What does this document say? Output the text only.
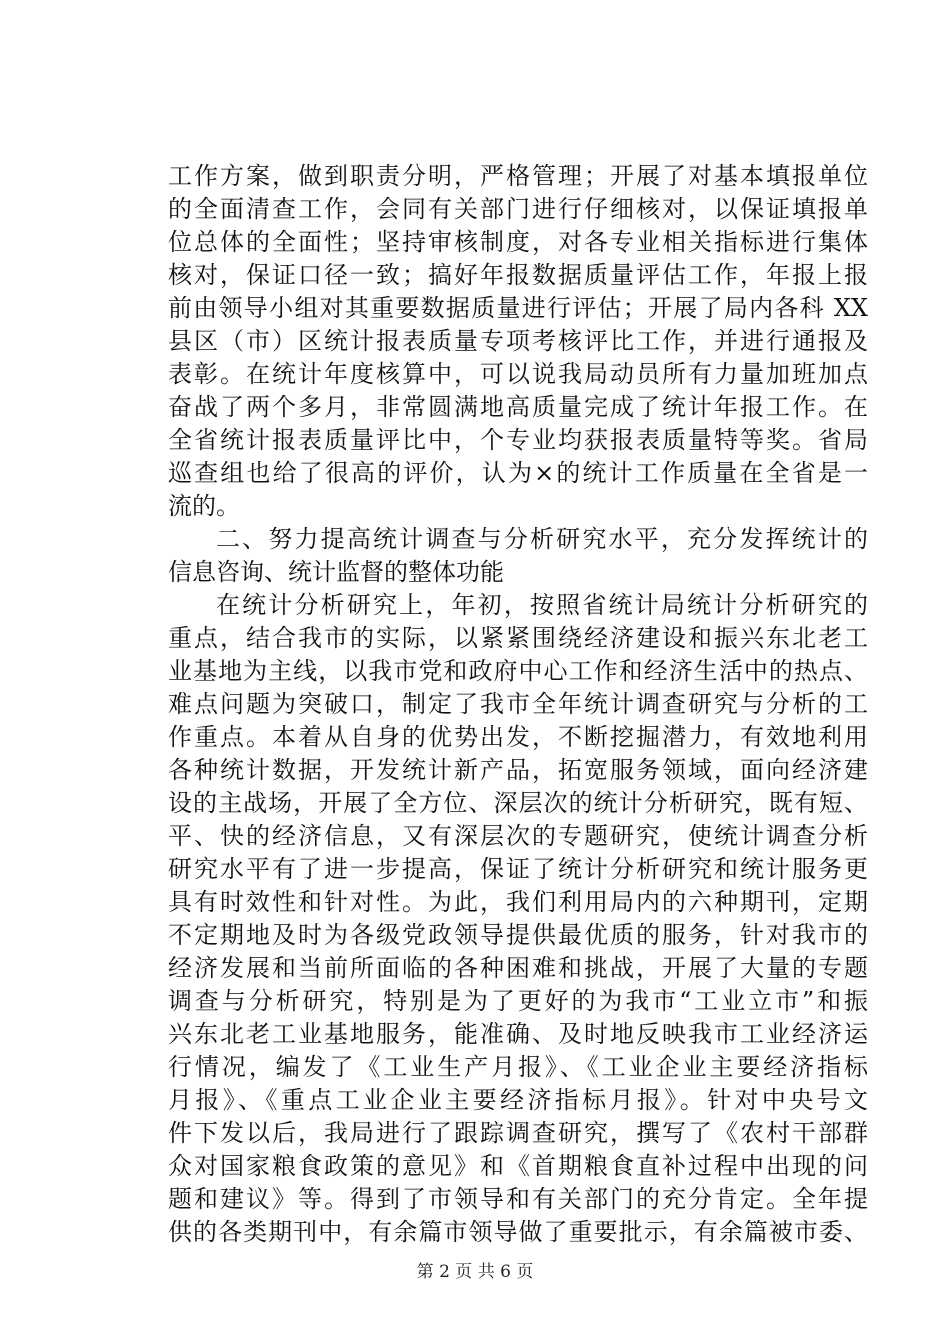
工作方案，做到职责分明，严格管理；开展了对基本填报单位
的全面清查工作，会同有关部门进行仔细核对，以保证填报单
位总体的全面性；坚持审核制度，对各专业相关指标进行集体
核对，保证口径一致；搞好年报数据质量评估工作，年报上报
前由领导小组对其重要数据质量进行评估；开展了局内各科 XX
县区（市）区统计报表质量专项考核评比工作，并进行通报及
表彰。在统计年度核算中，可以说我局动员所有力量加班加点
奋战了两个多月，非常圆满地高质量完成了统计年报工作。在
全省统计报表质量评比中，个专业均获报表质量特等奖。省局
巡查组也给了很高的评价，认为×的统计工作质量在全省是一
流的。
二、努力提高统计调查与分析研究水平，充分发挥统计的
信息咨询、统计监督的整体功能
在统计分析研究上，年初，按照省统计局统计分析研究的
重点，结合我市的实际，以紧紧围绕经济建设和振兴东北老工
业基地为主线，以我市党和政府中心工作和经济生活中的热点、
难点问题为突破口，制定了我市全年统计调查研究与分析的工
作重点。本着从自身的优势出发，不断挖掘潜力，有效地利用
各种统计数据，开发统计新产品，拓宽服务领域，面向经济建
设的主战场，开展了全方位、深层次的统计分析研究，既有短、
平、快的经济信息，又有深层次的专题研究，使统计调查分析
研究水平有了进一步提高，保证了统计分析研究和统计服务更
具有时效性和针对性。为此，我们利用局内的六种期刊，定期
不定期地及时为各级党政领导提供最优质的服务，针对我市的
经济发展和当前所面临的各种困难和挑战，开展了大量的专题
调查与分析研究，特别是为了更好的为我市“工业立市”和振
兴东北老工业基地服务，能准确、及时地反映我市工业经济运
行情况，编发了《工业生产月报》、《工业企业主要经济指标
月报》、《重点工业企业主要经济指标月报》。针对中央号文
件下发以后，我局进行了跟踪调查研究，撰写了《农村干部群
众对国家粮食政策的意见》和《首期粮食直补过程中出现的问
题和建议》等。得到了市领导和有关部门的充分肯定。全年提
供的各类期刊中，有余篇市领导做了重要批示，有余篇被市委、
第 2 页 共 6 页
